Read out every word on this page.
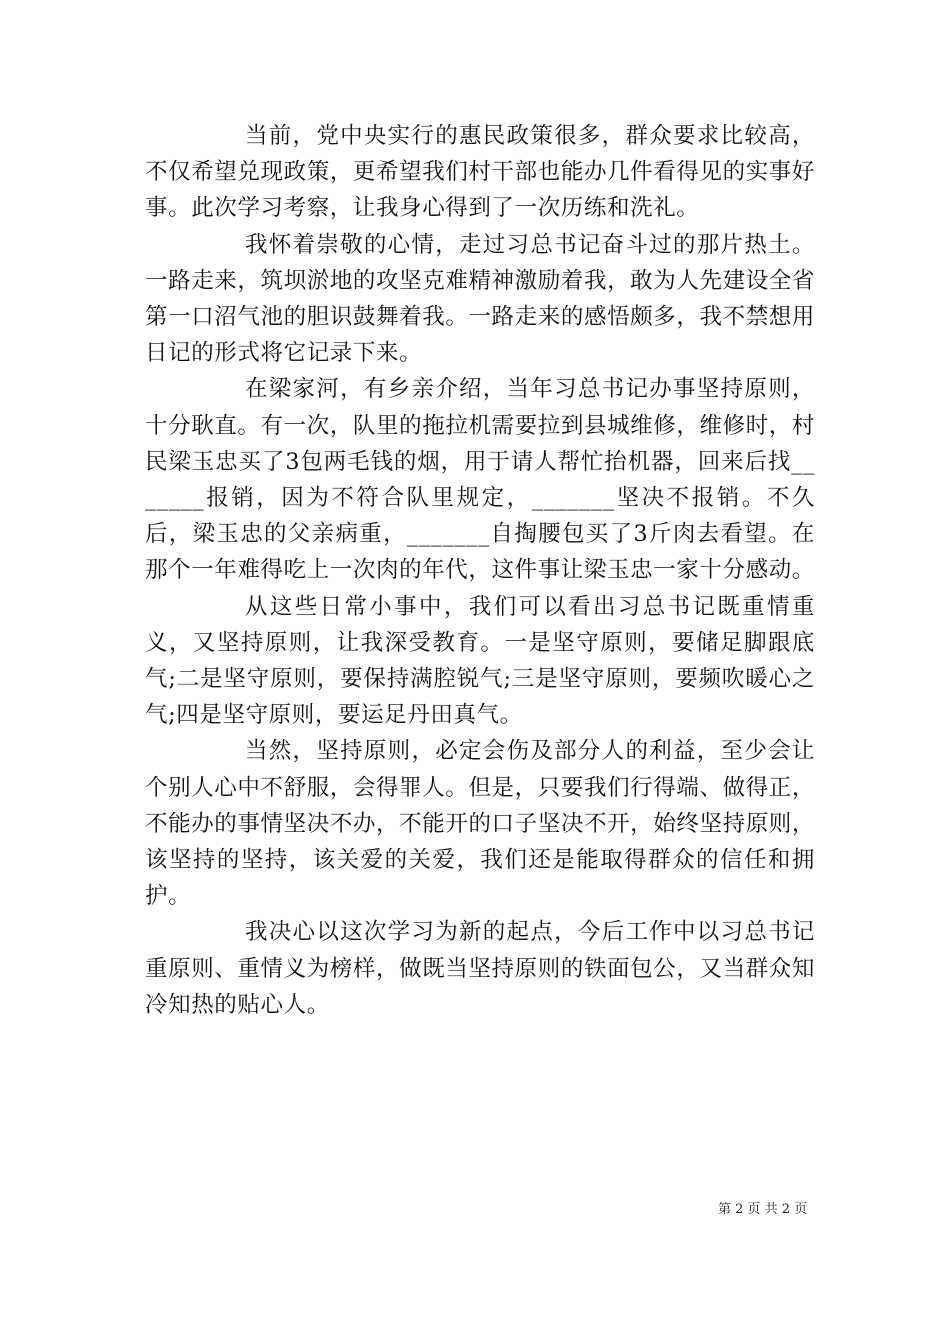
当前，党中央实行的惠民政策很多，群众要求比较高，不仅希望兑现政策，更希望我们村干部也能办几件看得见的实事好事。此次学习考察，让我身心得到了一次历练和洗礼。

我怀着崇敬的心情，走过习总书记奋斗过的那片热土。一路走来，筑坝淤地的攻坚克难精神激励着我，敢为人先建设全省第一口沼气池的胆识鼓舞着我。一路走来的感悟颇多，我不禁想用日记的形式将它记录下来。

在梁家河，有乡亲介绍，当年习总书记办事坚持原则，十分耿直。有一次，队里的拖拉机需要拉到县城维修，维修时，村民梁玉忠买了3包两毛钱的烟，用于请人帮忙抬机器，回来后找_______报销，因为不符合队里规定，_______坚决不报销。不久后，梁玉忠的父亲病重，_______自掏腰包买了3斤肉去看望。在那个一年难得吃上一次肉的年代，这件事让梁玉忠一家十分感动。

从这些日常小事中，我们可以看出习总书记既重情重义，又坚持原则，让我深受教育。一是坚守原则，要储足脚跟底气;二是坚守原则，要保持满腔锐气;三是坚守原则，要频吹暖心之气;四是坚守原则，要运足丹田真气。

当然，坚持原则，必定会伤及部分人的利益，至少会让个别人心中不舒服，会得罪人。但是，只要我们行得端、做得正，不能办的事情坚决不办，不能开的口子坚决不开，始终坚持原则，该坚持的坚持，该关爱的关爱，我们还是能取得群众的信任和拥护。

我决心以这次学习为新的起点，今后工作中以习总书记重原则、重情义为榜样，做既当坚持原则的铁面包公，又当群众知冷知热的贴心人。

第 2 页 共 2 页
